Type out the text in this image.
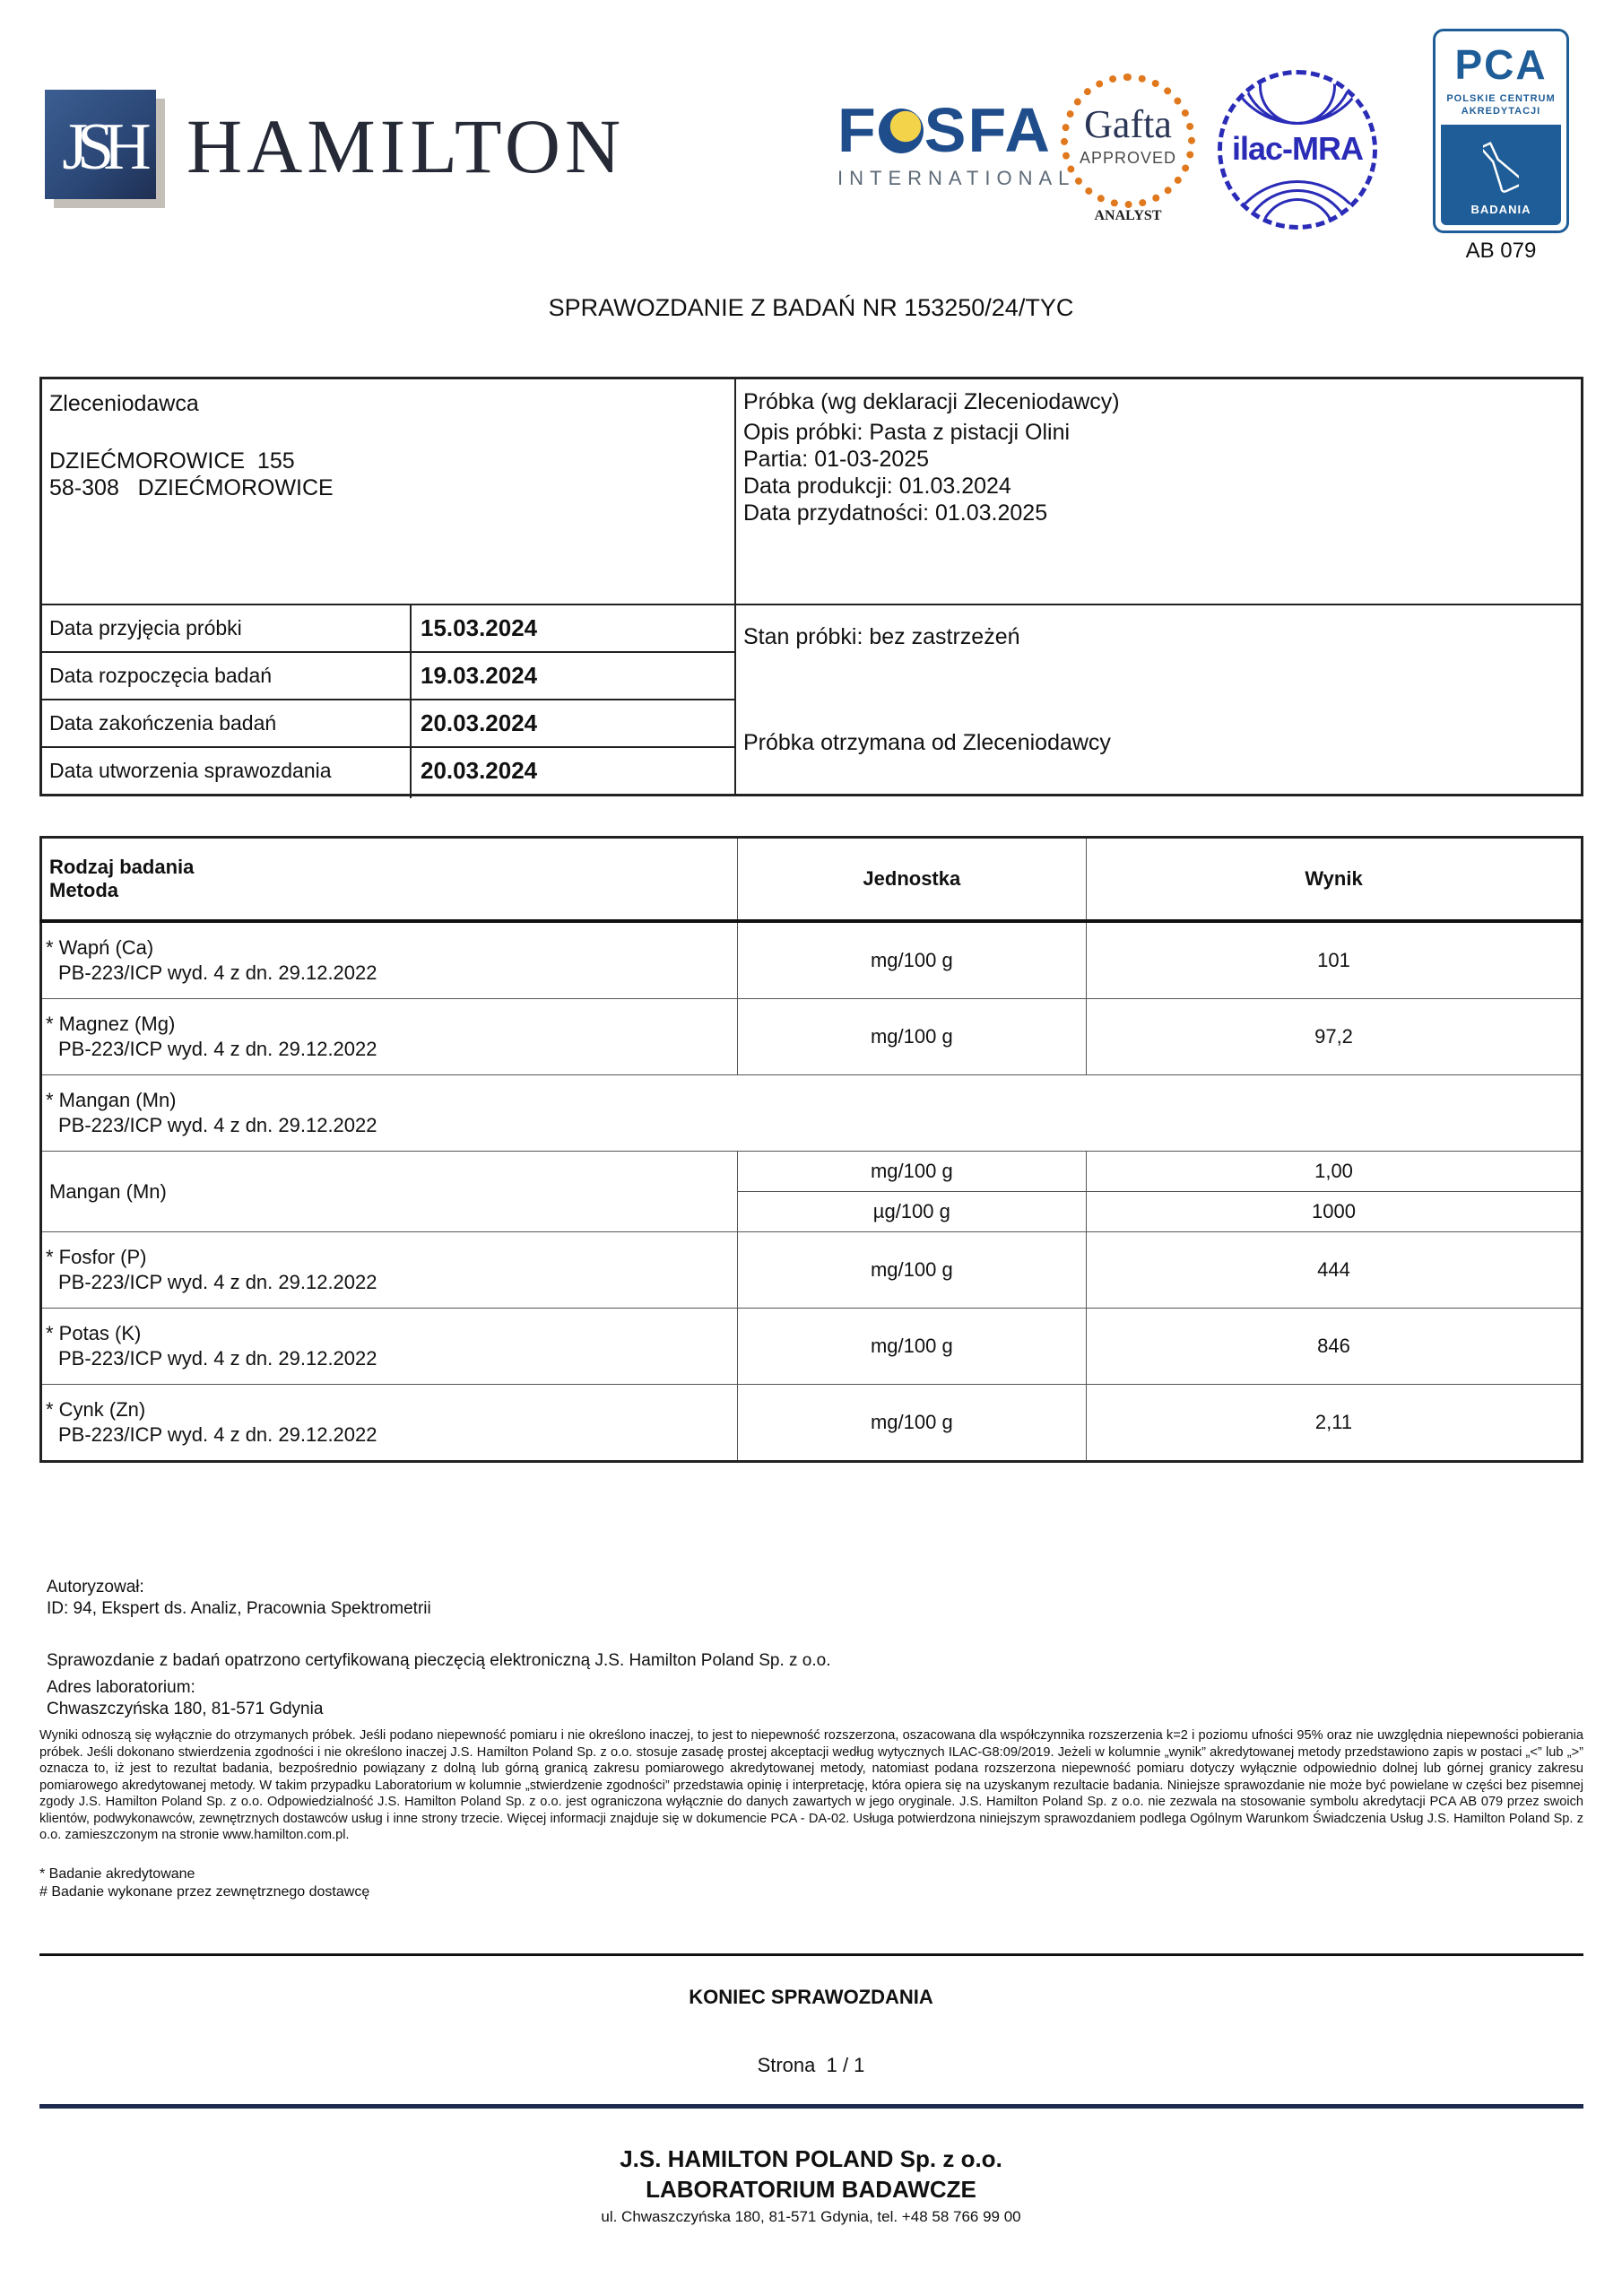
JSH HAMILTON	F SFA
INTERNATIONAL
Gafta
APPROVED
ANALYST
ilac-MRA
PCA
POLSKIE CENTRUM
AKREDYTACJI
BADANIA
AB 079
SPRAWOZDANIE Z BADAŃ NR 153250/24/TYC
Zleceniodawca
DZIEĆMOROWICE  155
58-308   DZIEĆMOROWICE
Próbka (wg deklaracji Zleceniodawcy)
Opis próbki: Pasta z pistacji Olini
Partia: 01-03-2025
Data produkcji: 01.03.2024
Data przydatności: 01.03.2025
Stan próbki: bez zastrzeżeń
Próbka otrzymana od Zleceniodawcy
Data przyjęcia próbki	15.03.2024
Data rozpoczęcia badań	19.03.2024
Data zakończenia badań	20.03.2024
Data utworzenia sprawozdania	20.03.2024
Rodzaj badania
Metoda	Jednostka	Wynik

* Wapń (Ca)
PB-223/ICP wyd. 4 z dn. 29.12.2022	mg/100 g	101

* Magnez (Mg)
PB-223/ICP wyd. 4 z dn. 29.12.2022	mg/100 g	97,2

* Mangan (Mn)
PB-223/ICP wyd. 4 z dn. 29.12.2022		

Mangan (Mn)	mg/100 g	1,00
	µg/100 g	1000

* Fosfor (P)
PB-223/ICP wyd. 4 z dn. 29.12.2022	mg/100 g	444

* Potas (K)
PB-223/ICP wyd. 4 z dn. 29.12.2022	mg/100 g	846

* Cynk (Zn)
PB-223/ICP wyd. 4 z dn. 29.12.2022	mg/100 g	2,11
Autoryzował:
ID: 94, Ekspert ds. Analiz, Pracownia Spektrometrii
Sprawozdanie z badań opatrzono certyfikowaną pieczęcią elektroniczną J.S. Hamilton Poland Sp. z o.o.
Adres laboratorium:
Chwaszczyńska 180, 81-571 Gdynia
Wyniki odnoszą się wyłącznie do otrzymanych próbek. Jeśli podano niepewność pomiaru i nie określono inaczej, to jest to niepewność rozszerzona, oszacowana dla współczynnika rozszerzenia k=2 i poziomu ufności 95% oraz nie uwzględnia niepewności pobierania próbek. Jeśli dokonano stwierdzenia zgodności i nie określono inaczej J.S. Hamilton Poland Sp. z o.o. stosuje zasadę prostej akceptacji według wytycznych ILAC-G8:09/2019. Jeżeli w kolumnie „wynik” akredytowanej metody przedstawiono zapis w postaci „<” lub „>” oznacza to, iż jest to rezultat badania, bezpośrednio powiązany z dolną lub górną granicą zakresu pomiarowego akredytowanej metody, natomiast podana rozszerzona niepewność pomiaru dotyczy wyłącznie odpowiednio dolnej lub górnej granicy zakresu pomiarowego akredytowanej metody. W takim przypadku Laboratorium w kolumnie „stwierdzenie zgodności” przedstawia opinię i interpretację, która opiera się na uzyskanym rezultacie badania. Niniejsze sprawozdanie nie może być powielane w części bez pisemnej zgody J.S. Hamilton Poland Sp. z o.o. Odpowiedzialność J.S. Hamilton Poland Sp. z o.o. jest ograniczona wyłącznie do danych zawartych w jego oryginale. J.S. Hamilton Poland Sp. z o.o. nie zezwala na stosowanie symbolu akredytacji PCA AB 079 przez swoich klientów, podwykonawców, zewnętrznych dostawców usług i inne strony trzecie. Więcej informacji znajduje się w dokumencie PCA - DA-02. Usługa potwierdzona niniejszym sprawozdaniem podlega Ogólnym Warunkom Świadczenia Usług J.S. Hamilton Poland Sp. z o.o. zamieszczonym na stronie www.hamilton.com.pl.
* Badanie akredytowane
# Badanie wykonane przez zewnętrznego dostawcę
KONIEC SPRAWOZDANIA
Strona  1 / 1
J.S. HAMILTON POLAND Sp. z o.o.
LABORATORIUM BADAWCZE
ul. Chwaszczyńska 180, 81-571 Gdynia, tel. +48 58 766 99 00
